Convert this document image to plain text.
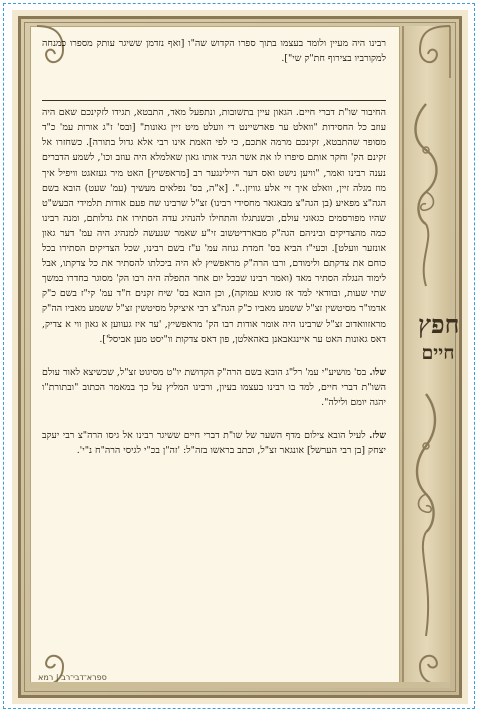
חפץ
חיים

רבינו היה מעיין ולומד בעצמו בתוך ספרו הקדוש שה"ו [ואף נזדמן ששיגר עותק מספרו כמנחה למקורביו בצירוף חת"ק שי"].

החיבור שו"ת דברי חיים. הגאון עיין בתשובות, ונתפעל מאד, התבטא, תגידו לזקינכם שאם היה עוזב כל החסידות "וואלט ער פארשיינט די וועלט מיט זיין גאונות" [ובס' ז"ג אורות עמ' כ"ד מסופר שהתבטא, זקינכם מרמה אתכם, כי לפי האמת אינו רבי אלא גדול בתורה]. כשחזרו אל זקינם הק' וחקר אותם סיפרו לו את אשר הגיד אותו גאון שאלמלא היה עוזב וכו', לשמע הדברים נענה רבינו ואמר, "וויען נישט ואס דער היילינגער רב [מראפשיץ] האט מיר געזאגט וויפיל איך מוז מגלה זיין, וואלט איך זיי אלע גוויזן..". [א"ה, בס' נפלאים מעשיך (עמ' שעט) הובא בשם הגה"צ מפאיע (בן הגה"צ מבאגאר מחסידי רבינו) זצ"ל שרבינו שח פעם אודות תלמידי הבעש"ט שהיו מפורסמים כגאוני עולם, וכשנתגלו והתחילו להנהיג עדה הסתירו את גדלותם, ומנה רבינו כמה מהצדיקים וביניהם הגה"ק מבארדיטשוב זי"ע שאמר שנעשה למנהיג היה עמ' דער גאון אונזער וועלט]. וכעי"ז הביא בס' חמדת גנוזה עמ' ע"ז בשם רבינו, שכל הצדיקים הסתירו בכל כוחם את צדקתם ולימודם, ורבו הרה"ק מראפשיץ לא היה ביכלתו להסתיר את כל צדקתו, אבל לימוד הנגלה הסתיר מאד (ואמר רבינו שבכל יום אחר התפלה היה רבו הק' מסוגר בחדרו במשך שתי שעות, ובוודאי למד אז סוגיא עמוקה), וכן הובא בס' שיח זקנים ח"ד עמ' קי"ז בשם כ"ק אדמו"ר מסיטשין זצ"ל ששמע מאביו כ"ק הגה"צ רבי איציקל מסיטשין זצ"ל ששמע מאביו הה"ק מראזוואדוב זצ"ל שרבינו היה אומר אודות רבו הק' מראפשיץ, 'ער איז געווען א גאון ווי א צדיק, דאס גאונות האט ער איינגאבאנן באהאלטן, פון דאס צדקות וו"יסט מען אביסל'].

שלו. בס' מושיע"י עמ' רל"ג הובא בשם הרה"ק הקדושת יו"ט מסיגוט זצ"ל, שכשיצא לאור עולם השו"ת דברי חיים, למד בו רבינו בעצמו בעיון, ורבינו המליץ על כך במאמר הכתוב "ובתורת"ו יהגה יומם ולילה".

שלז. לעיל הובא צילום מדף השער של שו"ת דברי חיים ששיגר רבינו אל גיסו הרה"צ רבי יעקב יצחק [בן רבי הערשל] אונגאר זצ"ל, וכתב בראשו בזה"ל: 'זה"ן בכ"י לגיסי הרה"ח נ"י'.

ספרא־דבי־רב | רמא
